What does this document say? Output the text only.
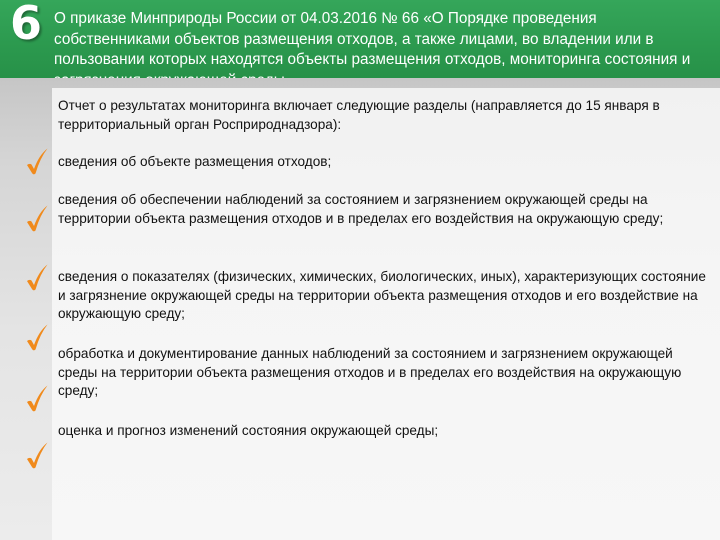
6 О приказе Минприроды России от 04.03.2016 № 66 «О Порядке проведения собственниками объектов размещения отходов, а также лицами, во владении или в пользовании которых находятся объекты размещения отходов, мониторинга состояния и
Отчет о результатах мониторинга включает следующие разделы (направляется до 15 января в территориальный орган Росприроднадзора):
сведения об объекте размещения отходов;
сведения об обеспечении наблюдений за состоянием и загрязнением окружающей среды на территории объекта размещения отходов и в пределах его воздействия на окружающую среду;
сведения о показателях (физических, химических, биологических, иных), характеризующих состояние и загрязнение окружающей среды на территории объекта размещения отходов и его воздействие на окружающую среду;
обработка и документирование данных наблюдений за состоянием и загрязнением окружающей среды на территории объекта размещения отходов и в пределах его воздействия на окружающую среду;
оценка и прогноз изменений состояния окружающей среды;
